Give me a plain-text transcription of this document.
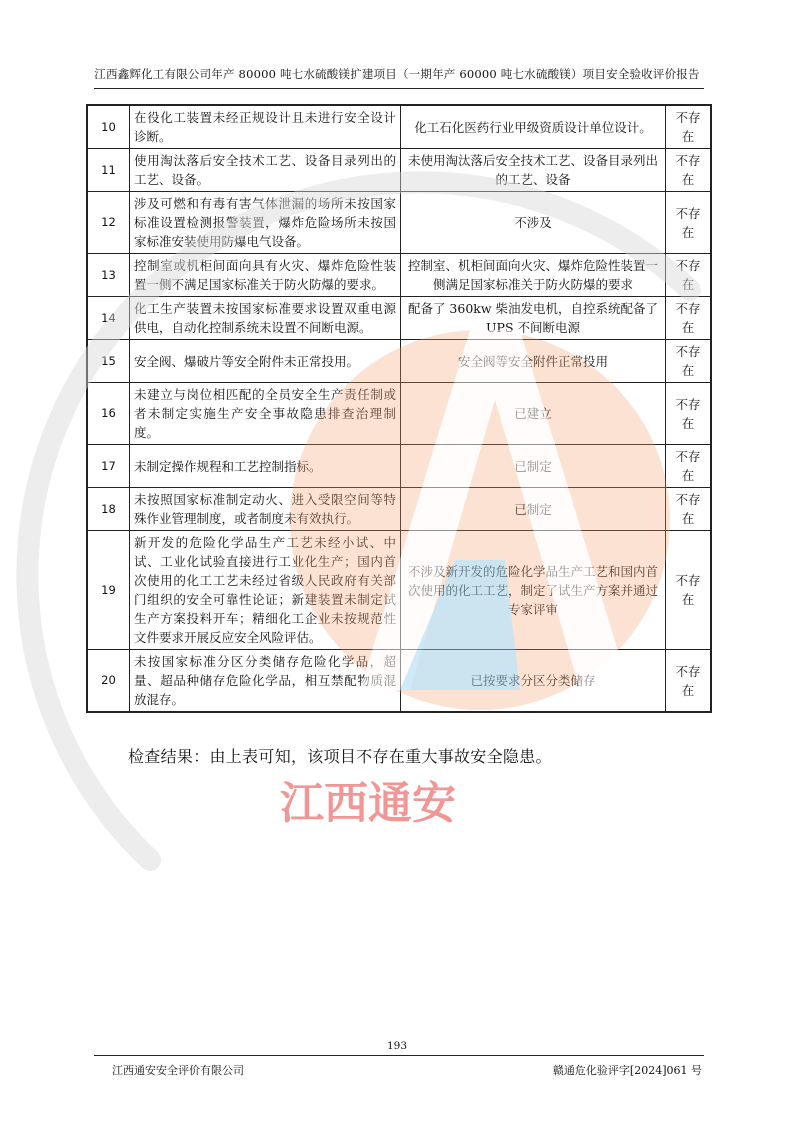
江西鑫辉化工有限公司年产 80000 吨七水硫酸镁扩建项目（一期年产 60000 吨七水硫酸镁）项目安全验收评价报告
10	在役化工装置未经正规设计且未进行安全设计诊断。	化工石化医药行业甲级资质设计单位设计。	不存在
11	使用淘汰落后安全技术工艺、设备目录列出的工艺、设备。	未使用淘汰落后安全技术工艺、设备目录列出的工艺、设备	不存在
12	涉及可燃和有毒有害气体泄漏的场所未按国家标准设置检测报警装置，爆炸危险场所未按国家标准安装使用防爆电气设备。	不涉及	不存在
13	控制室或机柜间面向具有火灾、爆炸危险性装置一侧不满足国家标准关于防火防爆的要求。	控制室、机柜间面向火灾、爆炸危险性装置一侧满足国家标准关于防火防爆的要求	不存在
14	化工生产装置未按国家标准要求设置双重电源供电，自动化控制系统未设置不间断电源。	配备了 360kw 柴油发电机，自控系统配备了 UPS 不间断电源	不存在
15	安全阀、爆破片等安全附件未正常投用。	安全阀等安全附件正常投用	不存在
16	未建立与岗位相匹配的全员安全生产责任制或者未制定实施生产安全事故隐患排查治理制度。	已建立	不存在
17	未制定操作规程和工艺控制指标。	已制定	不存在
18	未按照国家标准制定动火、进入受限空间等特殊作业管理制度，或者制度未有效执行。	已制定	不存在
19	新开发的危险化学品生产工艺未经小试、中试、工业化试验直接进行工业化生产；国内首次使用的化工工艺未经过省级人民政府有关部门组织的安全可靠性论证；新建装置未制定试生产方案投料开车；精细化工企业未按规范性文件要求开展反应安全风险评估。	不涉及新开发的危险化学品生产工艺和国内首次使用的化工工艺，制定了试生产方案并通过专家评审	不存在
20	未按国家标准分区分类储存危险化学品，超量、超品种储存危险化学品，相互禁配物质混放混存。	已按要求分区分类储存	不存在
检查结果：由上表可知，该项目不存在重大事故安全隐患。
江西通安
193
江西通安安全评价有限公司	赣通危化验评字[2024]061 号
